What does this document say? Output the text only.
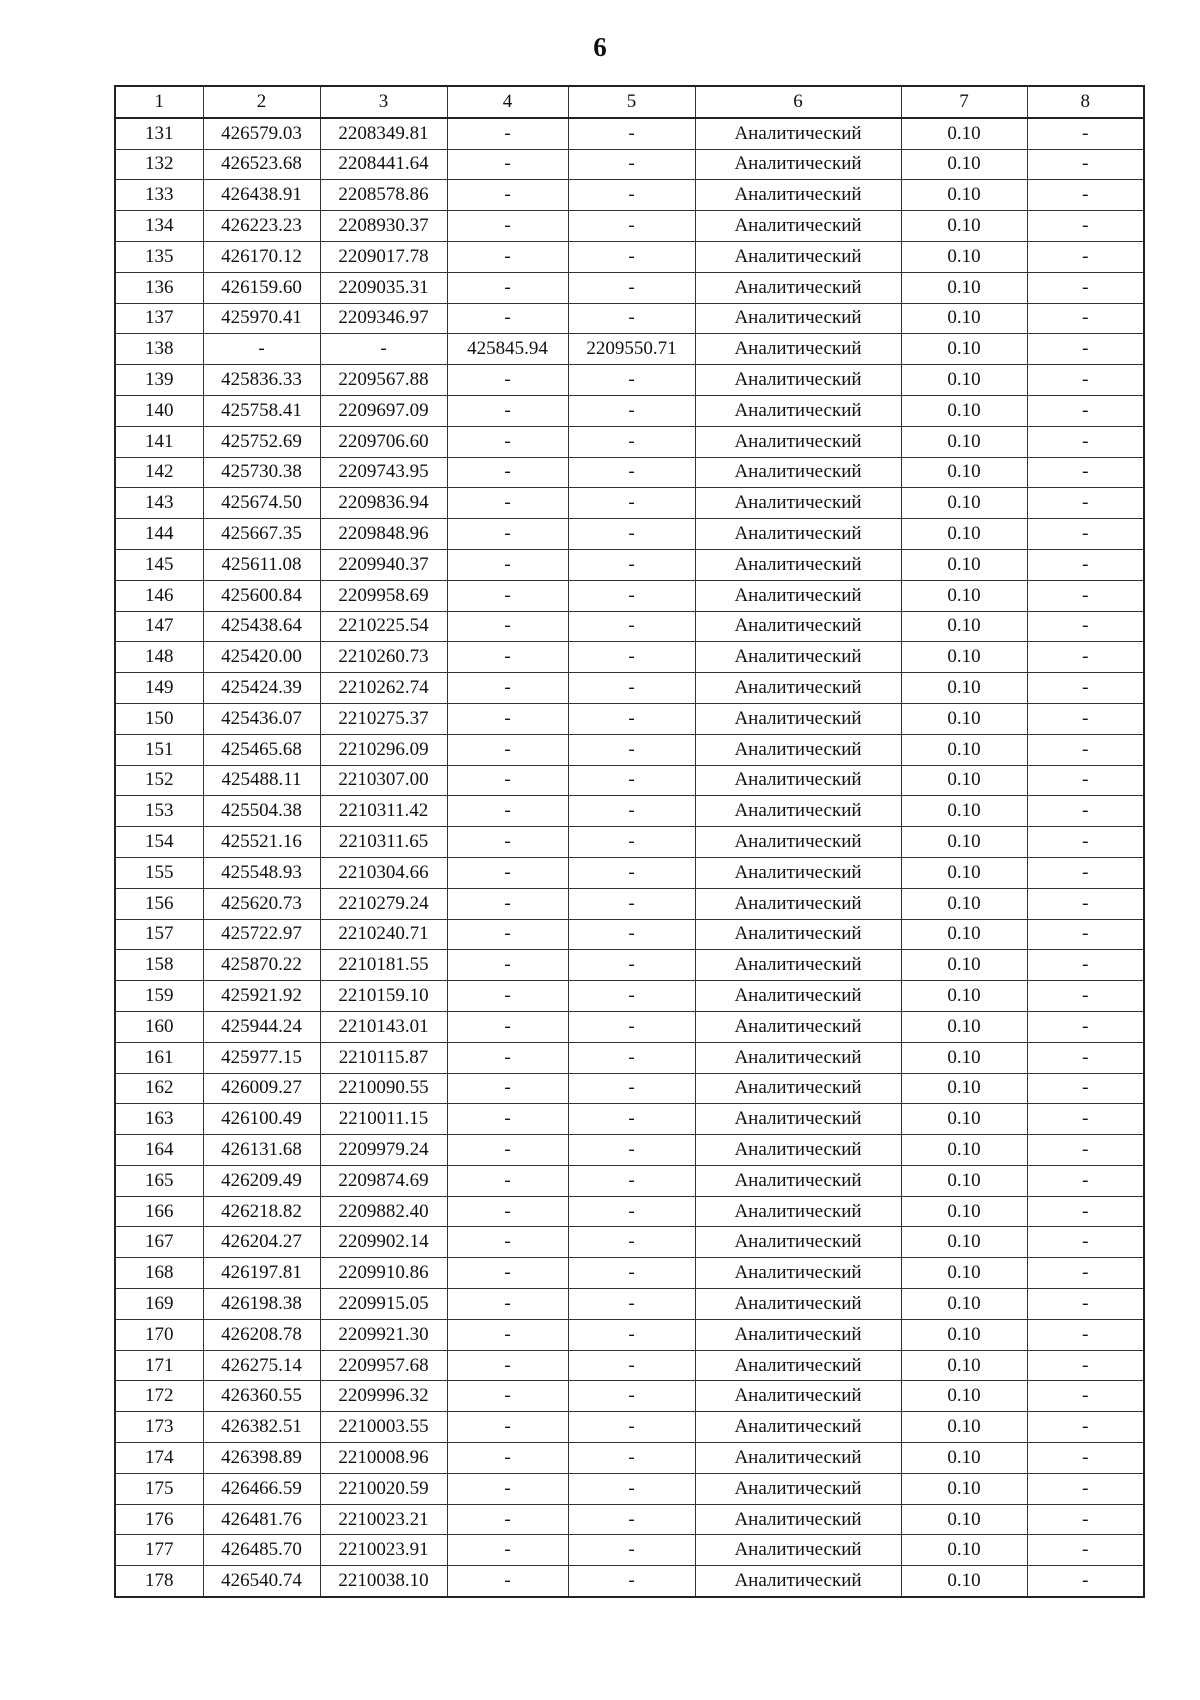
6
1	2	3	4	5	6	7	8
131	426579.03	2208349.81	-	-	Аналитический	0.10	-
132	426523.68	2208441.64	-	-	Аналитический	0.10	-
133	426438.91	2208578.86	-	-	Аналитический	0.10	-
134	426223.23	2208930.37	-	-	Аналитический	0.10	-
135	426170.12	2209017.78	-	-	Аналитический	0.10	-
136	426159.60	2209035.31	-	-	Аналитический	0.10	-
137	425970.41	2209346.97	-	-	Аналитический	0.10	-
138	-	-	425845.94	2209550.71	Аналитический	0.10	-
139	425836.33	2209567.88	-	-	Аналитический	0.10	-
140	425758.41	2209697.09	-	-	Аналитический	0.10	-
141	425752.69	2209706.60	-	-	Аналитический	0.10	-
142	425730.38	2209743.95	-	-	Аналитический	0.10	-
143	425674.50	2209836.94	-	-	Аналитический	0.10	-
144	425667.35	2209848.96	-	-	Аналитический	0.10	-
145	425611.08	2209940.37	-	-	Аналитический	0.10	-
146	425600.84	2209958.69	-	-	Аналитический	0.10	-
147	425438.64	2210225.54	-	-	Аналитический	0.10	-
148	425420.00	2210260.73	-	-	Аналитический	0.10	-
149	425424.39	2210262.74	-	-	Аналитический	0.10	-
150	425436.07	2210275.37	-	-	Аналитический	0.10	-
151	425465.68	2210296.09	-	-	Аналитический	0.10	-
152	425488.11	2210307.00	-	-	Аналитический	0.10	-
153	425504.38	2210311.42	-	-	Аналитический	0.10	-
154	425521.16	2210311.65	-	-	Аналитический	0.10	-
155	425548.93	2210304.66	-	-	Аналитический	0.10	-
156	425620.73	2210279.24	-	-	Аналитический	0.10	-
157	425722.97	2210240.71	-	-	Аналитический	0.10	-
158	425870.22	2210181.55	-	-	Аналитический	0.10	-
159	425921.92	2210159.10	-	-	Аналитический	0.10	-
160	425944.24	2210143.01	-	-	Аналитический	0.10	-
161	425977.15	2210115.87	-	-	Аналитический	0.10	-
162	426009.27	2210090.55	-	-	Аналитический	0.10	-
163	426100.49	2210011.15	-	-	Аналитический	0.10	-
164	426131.68	2209979.24	-	-	Аналитический	0.10	-
165	426209.49	2209874.69	-	-	Аналитический	0.10	-
166	426218.82	2209882.40	-	-	Аналитический	0.10	-
167	426204.27	2209902.14	-	-	Аналитический	0.10	-
168	426197.81	2209910.86	-	-	Аналитический	0.10	-
169	426198.38	2209915.05	-	-	Аналитический	0.10	-
170	426208.78	2209921.30	-	-	Аналитический	0.10	-
171	426275.14	2209957.68	-	-	Аналитический	0.10	-
172	426360.55	2209996.32	-	-	Аналитический	0.10	-
173	426382.51	2210003.55	-	-	Аналитический	0.10	-
174	426398.89	2210008.96	-	-	Аналитический	0.10	-
175	426466.59	2210020.59	-	-	Аналитический	0.10	-
176	426481.76	2210023.21	-	-	Аналитический	0.10	-
177	426485.70	2210023.91	-	-	Аналитический	0.10	-
178	426540.74	2210038.10	-	-	Аналитический	0.10	-
